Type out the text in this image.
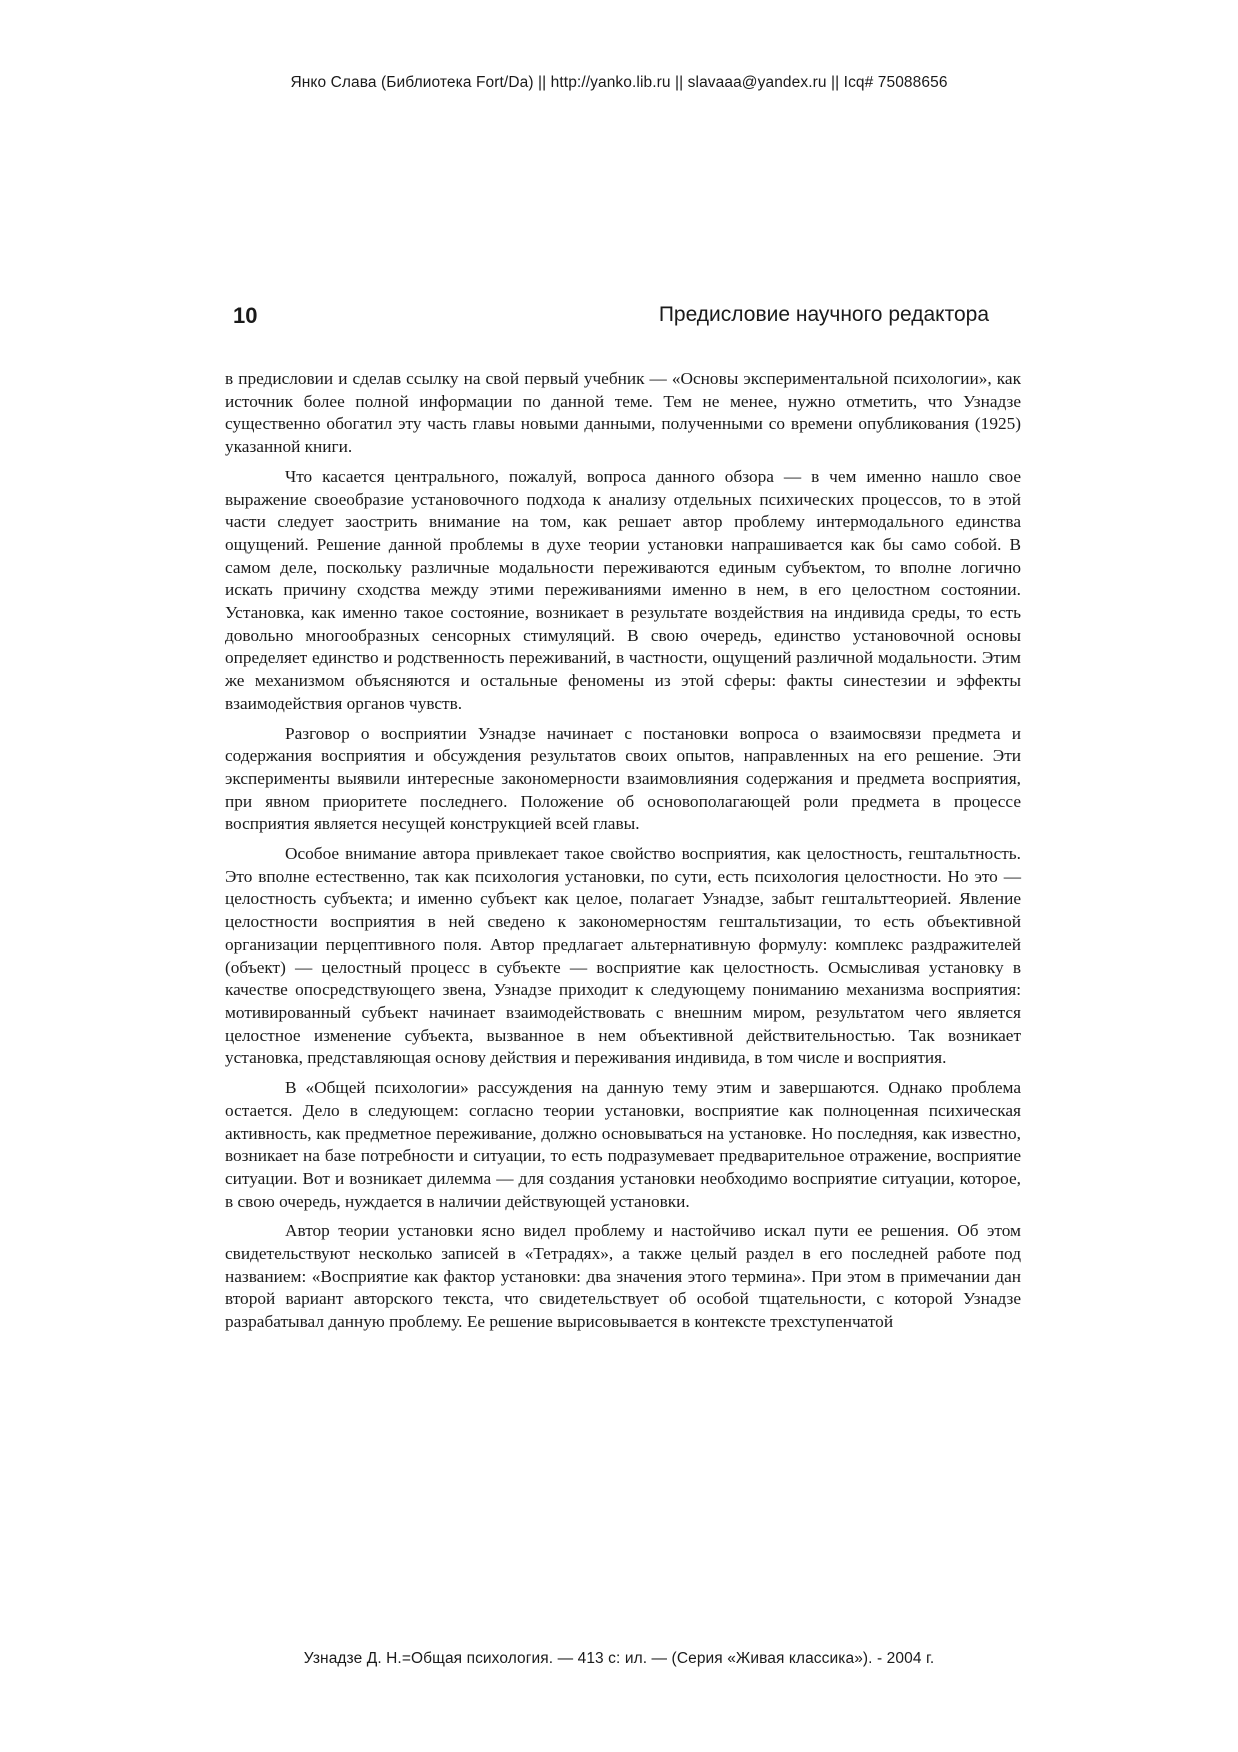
Янко Слава (Библиотека Fort/Da) || http://yanko.lib.ru || slavaaa@yandex.ru || Icq# 75088656
10	Предисловие научного редактора

в предисловии и сделав ссылку на свой первый учебник — «Основы экспериментальной психологии», как источник более полной информации по данной теме. Тем не менее, нужно отметить, что Узнадзе существенно обогатил эту часть главы новыми данными, полученными со времени опубликования (1925) указанной книги.

Что касается центрального, пожалуй, вопроса данного обзора — в чем именно нашло свое выражение своеобразие установочного подхода к анализу отдельных психических процессов, то в этой части следует заострить внимание на том, как решает автор проблему интермодального единства ощущений. Решение данной проблемы в духе теории установки напрашивается как бы само собой. В самом деле, поскольку различные модальности переживаются единым субъектом, то вполне логично искать причину сходства между этими переживаниями именно в нем, в его целостном состоянии. Установка, как именно такое состояние, возникает в результате воздействия на индивида среды, то есть довольно многообразных сенсорных стимуляций. В свою очередь, единство установочной основы определяет единство и родственность переживаний, в частности, ощущений различной модальности. Этим же механизмом объясняются и остальные феномены из этой сферы: факты синестезии и эффекты взаимодействия органов чувств.

Разговор о восприятии Узнадзе начинает с постановки вопроса о взаимосвязи предмета и содержания восприятия и обсуждения результатов своих опытов, направленных на его решение. Эти эксперименты выявили интересные закономерности взаимовлияния содержания и предмета восприятия, при явном приоритете последнего. Положение об основополагающей роли предмета в процессе восприятия является несущей конструкцией всей главы.

Особое внимание автора привлекает такое свойство восприятия, как целостность, гештальтность. Это вполне естественно, так как психология установки, по сути, есть психология целостности. Но это — целостность субъекта; и именно субъект как целое, полагает Узнадзе, забыт гештальттеорией. Явление целостности восприятия в ней сведено к закономерностям гештальтизации, то есть объективной организации перцептивного поля. Автор предлагает альтернативную формулу: комплекс раздражителей (объект) — целостный процесс в субъекте — восприятие как целостность. Осмысливая установку в качестве опосредствующего звена, Узнадзе приходит к следующему пониманию механизма восприятия: мотивированный субъект начинает взаимодействовать с внешним миром, результатом чего является целостное изменение субъекта, вызванное в нем объективной действительностью. Так возникает установка, представляющая основу действия и переживания индивида, в том числе и восприятия.

В «Общей психологии» рассуждения на данную тему этим и завершаются. Однако проблема остается. Дело в следующем: согласно теории установки, восприятие как полноценная психическая активность, как предметное переживание, должно основываться на установке. Но последняя, как известно, возникает на базе потребности и ситуации, то есть подразумевает предварительное отражение, восприятие ситуации. Вот и возникает дилемма — для создания установки необходимо восприятие ситуации, которое, в свою очередь, нуждается в наличии действующей установки.

Автор теории установки ясно видел проблему и настойчиво искал пути ее решения. Об этом свидетельствуют несколько записей в «Тетрадях», а также целый раздел в его последней работе под названием: «Восприятие как фактор установки: два значения этого термина». При этом в примечании дан второй вариант авторского текста, что свидетельствует об особой тщательности, с которой Узнадзе разрабатывал данную проблему. Ее решение вырисовывается в контексте трехступенчатой

Узнадзе Д. Н.=Общая психология. — 413 с: ил. — (Серия «Живая классика»). - 2004 г.
